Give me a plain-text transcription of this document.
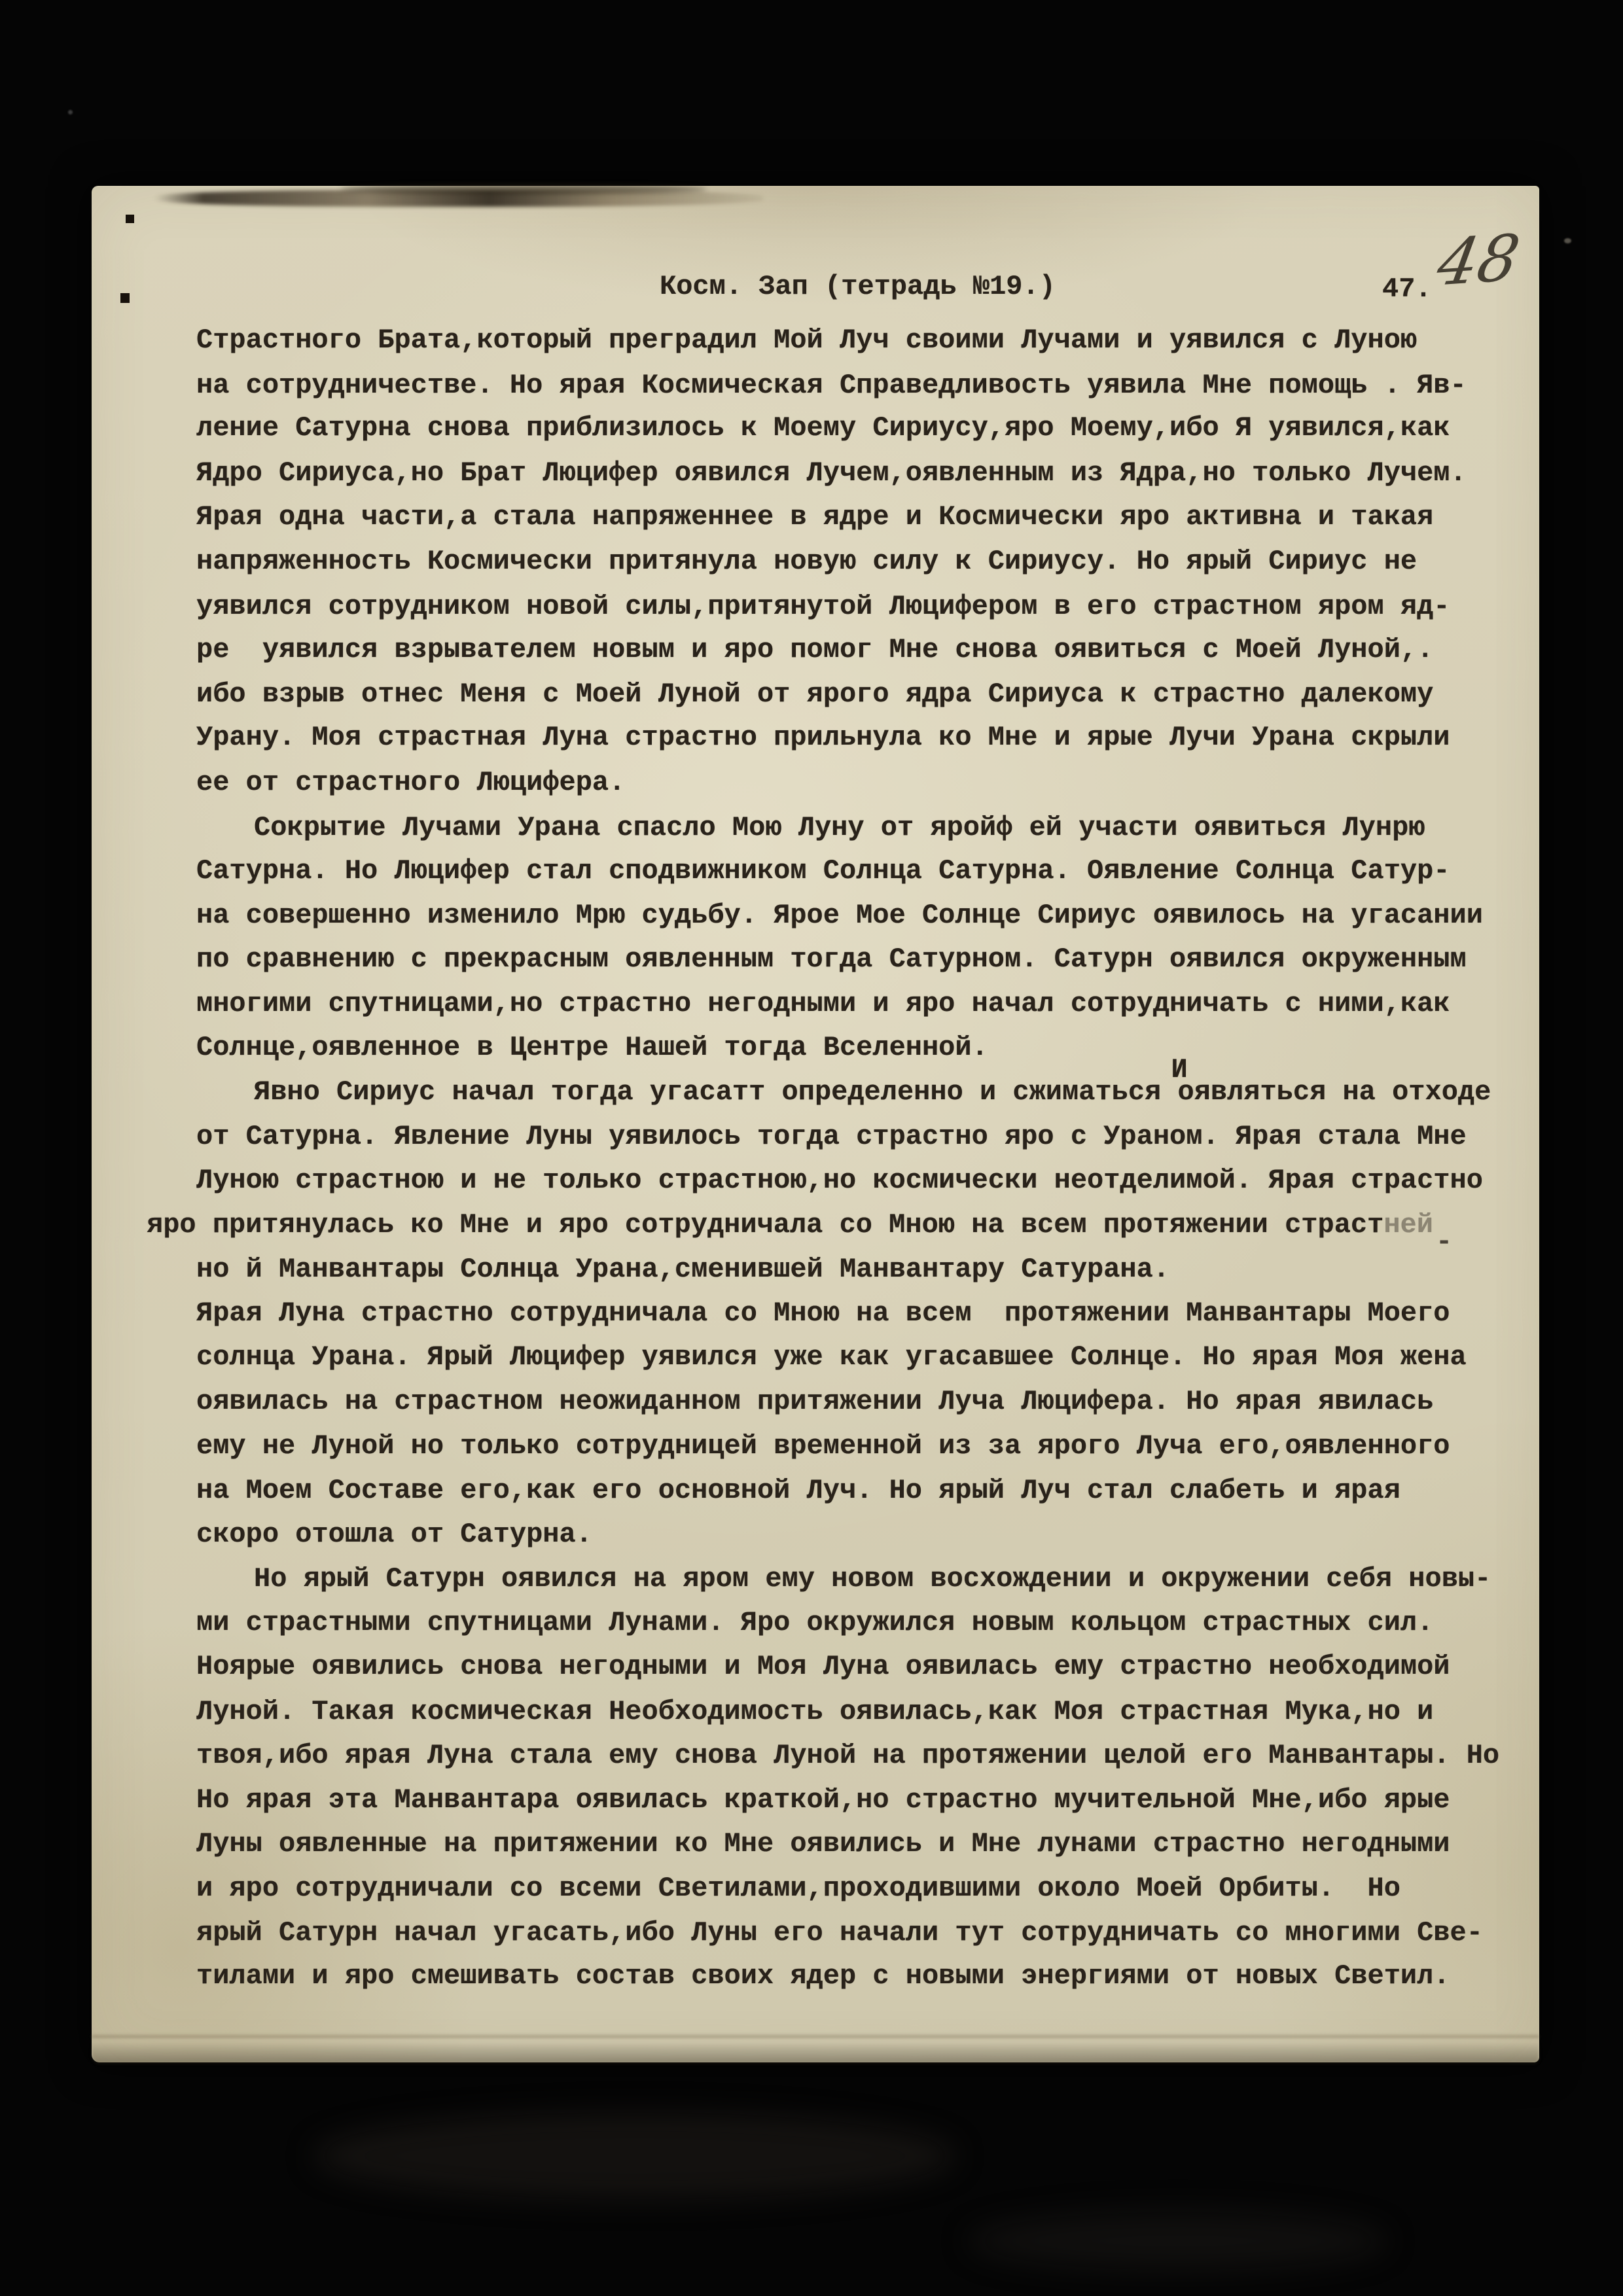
Косм. Зап (тетрадь №19.)	47. 48
Страстного Брата,который преградил Мой Луч своими Лучами и уявился с Луною
на сотрудничестве. Но ярая Космическая Справедливость уявила Мне помощь . Яв-
ление Сатурна снова приблизилось к Моему Сириусу,яро Моему,ибо Я уявился,как
Ядро Сириуса,но Брат Люцифер оявился Лучем,оявленным из Ядра,но только Лучем.
Ярая одна части,а стала напряженнее в ядре и Космически яро активна и такая
напряженность Космически притянула новую силу к Сириусу. Но ярый Сириус не
уявился сотрудником новой силы,притянутой Люцифером в его страстном яром яд-
ре  уявился взрывателем новым и яро помог Мне снова оявиться с Моей Луной,.
ибо взрыв отнес Меня с Моей Луной от ярого ядра Сириуса к страстно далекому
Урану. Моя страстная Луна страстно прильнула ко Мне и ярые Лучи Урана скрыли
ее от страстного Люцифера.
Сокрытие Лучами Урана спасло Мою Луну от яройф ей участи оявиться Лунрю
Сатурна. Но Люцифер стал сподвижником Солнца Сатурна. Оявление Солнца Сатур-
на совершенно изменило Мрю судьбу. Ярое Мое Солнце Сириус оявилось на угасании
по сравнению с прекрасным оявленным тогда Сатурном. Сатурн оявился окруженным
многими спутницами,но страстно негодными и яро начал сотрудничать с ними,как
Солнце,оявленное в Центре Нашей тогда Вселенной.
Явно Сириус начал тогда угасатт определенно и сжиматься Иоявляться на отходе
от Сатурна. Явление Луны уявилось тогда страстно яро с Ураном. Ярая стала Мне
Луною страстною и не только страстною,но космически неотделимой. Ярая страстно
яро притянулась ко Мне и яро сотрудничала со Мною на всем протяжении страстней-
но й Манвантары Солнца Урана,сменившей Манвантару Сатурана.
Ярая Луна страстно сотрудничала со Мною на всем  протяжении Манвантары Моего
солнца Урана. Ярый Люцифер уявился уже как угасавшее Солнце. Но ярая Моя жена
оявилась на страстном неожиданном притяжении Луча Люцифера. Но ярая явилась
ему не Луной но только сотрудницей временной из за ярого Луча его,оявленного
на Моем Составе его,как его основной Луч. Но ярый Луч стал слабеть и ярая
скоро отошла от Сатурна.
Но ярый Сатурн оявился на яром ему новом восхождении и окружении себя новы-
ми страстными спутницами Лунами. Яро окружился новым кольцом страстных сил.
Ноярые оявились снова негодными и Моя Луна оявилась ему страстно необходимой
Луной. Такая космическая Необходимость оявилась,как Моя страстная Мука,но и
твоя,ибо ярая Луна стала ему снова Луной на протяжении целой его Манвантары. Но
Но ярая эта Манвантара оявилась краткой,но страстно мучительной Мне,ибо ярые
Луны оявленные на притяжении ко Мне оявились и Мне лунами страстно негодными
и яро сотрудничали со всеми Светилами,проходившими около Моей Орбиты.  Но
ярый Сатурн начал угасать,ибо Луны его начали тут сотрудничать со многими Све-
тилами и яро смешивать состав своих ядер с новыми энергиями от новых Светил.
